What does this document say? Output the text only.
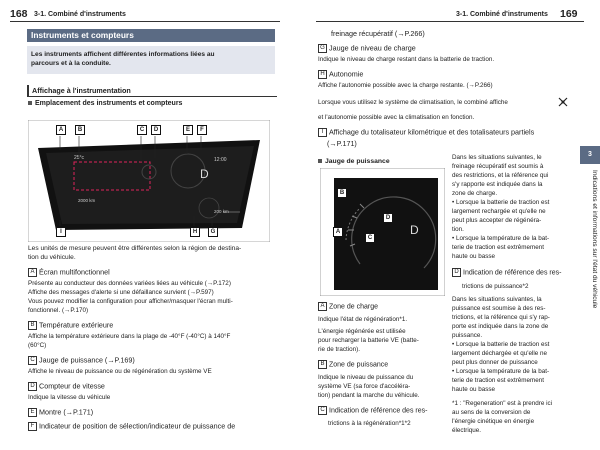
168 3-1. Combiné d'instruments
Instruments et compteurs
Les instruments affichent différentes informations liées au
parcours et à la conduite.
Affichage à l'instrumentation
Emplacement des instruments et compteurs
25°c	12:00
2000 km
200 km
D
A	B	C	D	E	F
I	H	G
Les unités de mesure peuvent être différentes selon la région de destina-
tion du véhicule.
A Écran multifonctionnel
Présente au conducteur des données variées liées au véhicule (→P.172)
Affiche des messages d'alerte si une défaillance survient (→P.597)
Vous pouvez modifier la configuration pour afficher/masquer l'écran multi-
fonctionnel. (→P.170)
B Température extérieure
Affiche la température extérieure dans la plage de -40°F (-40°C) à 140°F
(60°C)
C Jauge de puissance (→P.169)
Affiche le niveau de puissance ou de régénération du système VE
D Compteur de vitesse
Indique la vitesse du véhicule
E Montre (→P.171)
F Indicateur de position de sélection/indicateur de puissance de
3-1. Combiné d'instruments 169
freinage récupératif (→P.266)
G Jauge de niveau de charge
Indique le niveau de charge restant dans la batterie de traction.
H Autonomie
Affiche l'autonomie possible avec la charge restante. (→P.266)
Lorsque vous utilisez le système de climatisation, le combiné affiche
et l'autonomie possible avec la climatisation en fonction.
I Affichage du totalisateur kilométrique et des totalisateurs partiels
(→P.171)
Jauge de puissance
D
B
D
A
C
A Zone de charge
Indique l'état de régénération*1.
L'énergie régénérée est utilisée
pour recharger la batterie VE (batte-
rie de traction).
B Zone de puissance
Indique le niveau de puissance du
système VE (sa force d'accéléra-
tion) pendant la marche du véhicule.
C Indication de référence des res-
trictions à la régénération*1*2
Dans les situations suivantes, le
freinage récupératif est soumis à
des restrictions, et la référence qui
s'y rapporte est indiquée dans la
zone de charge.
• Lorsque la batterie de traction est
largement rechargée et qu'elle ne
peut plus accepter de régénéra-
tion.
• Lorsque la température de la bat-
terie de traction est extrêmement
haute ou basse
D Indication de référence des res-
trictions de puissance*2
Dans les situations suivantes, la
puissance est soumise à des res-
trictions, et la référence qui s'y rap-
porte est indiquée dans la zone de
puissance.
• Lorsque la batterie de traction est
largement déchargée et qu'elle ne
peut plus donner de puissance
• Lorsque la température de la bat-
terie de traction est extrêmement
haute ou basse
*1 : "Regeneration" est à prendre ici
au sens de la conversion de
l'énergie cinétique en énergie
électrique.
3
Indications et informations sur l'état du véhicule
